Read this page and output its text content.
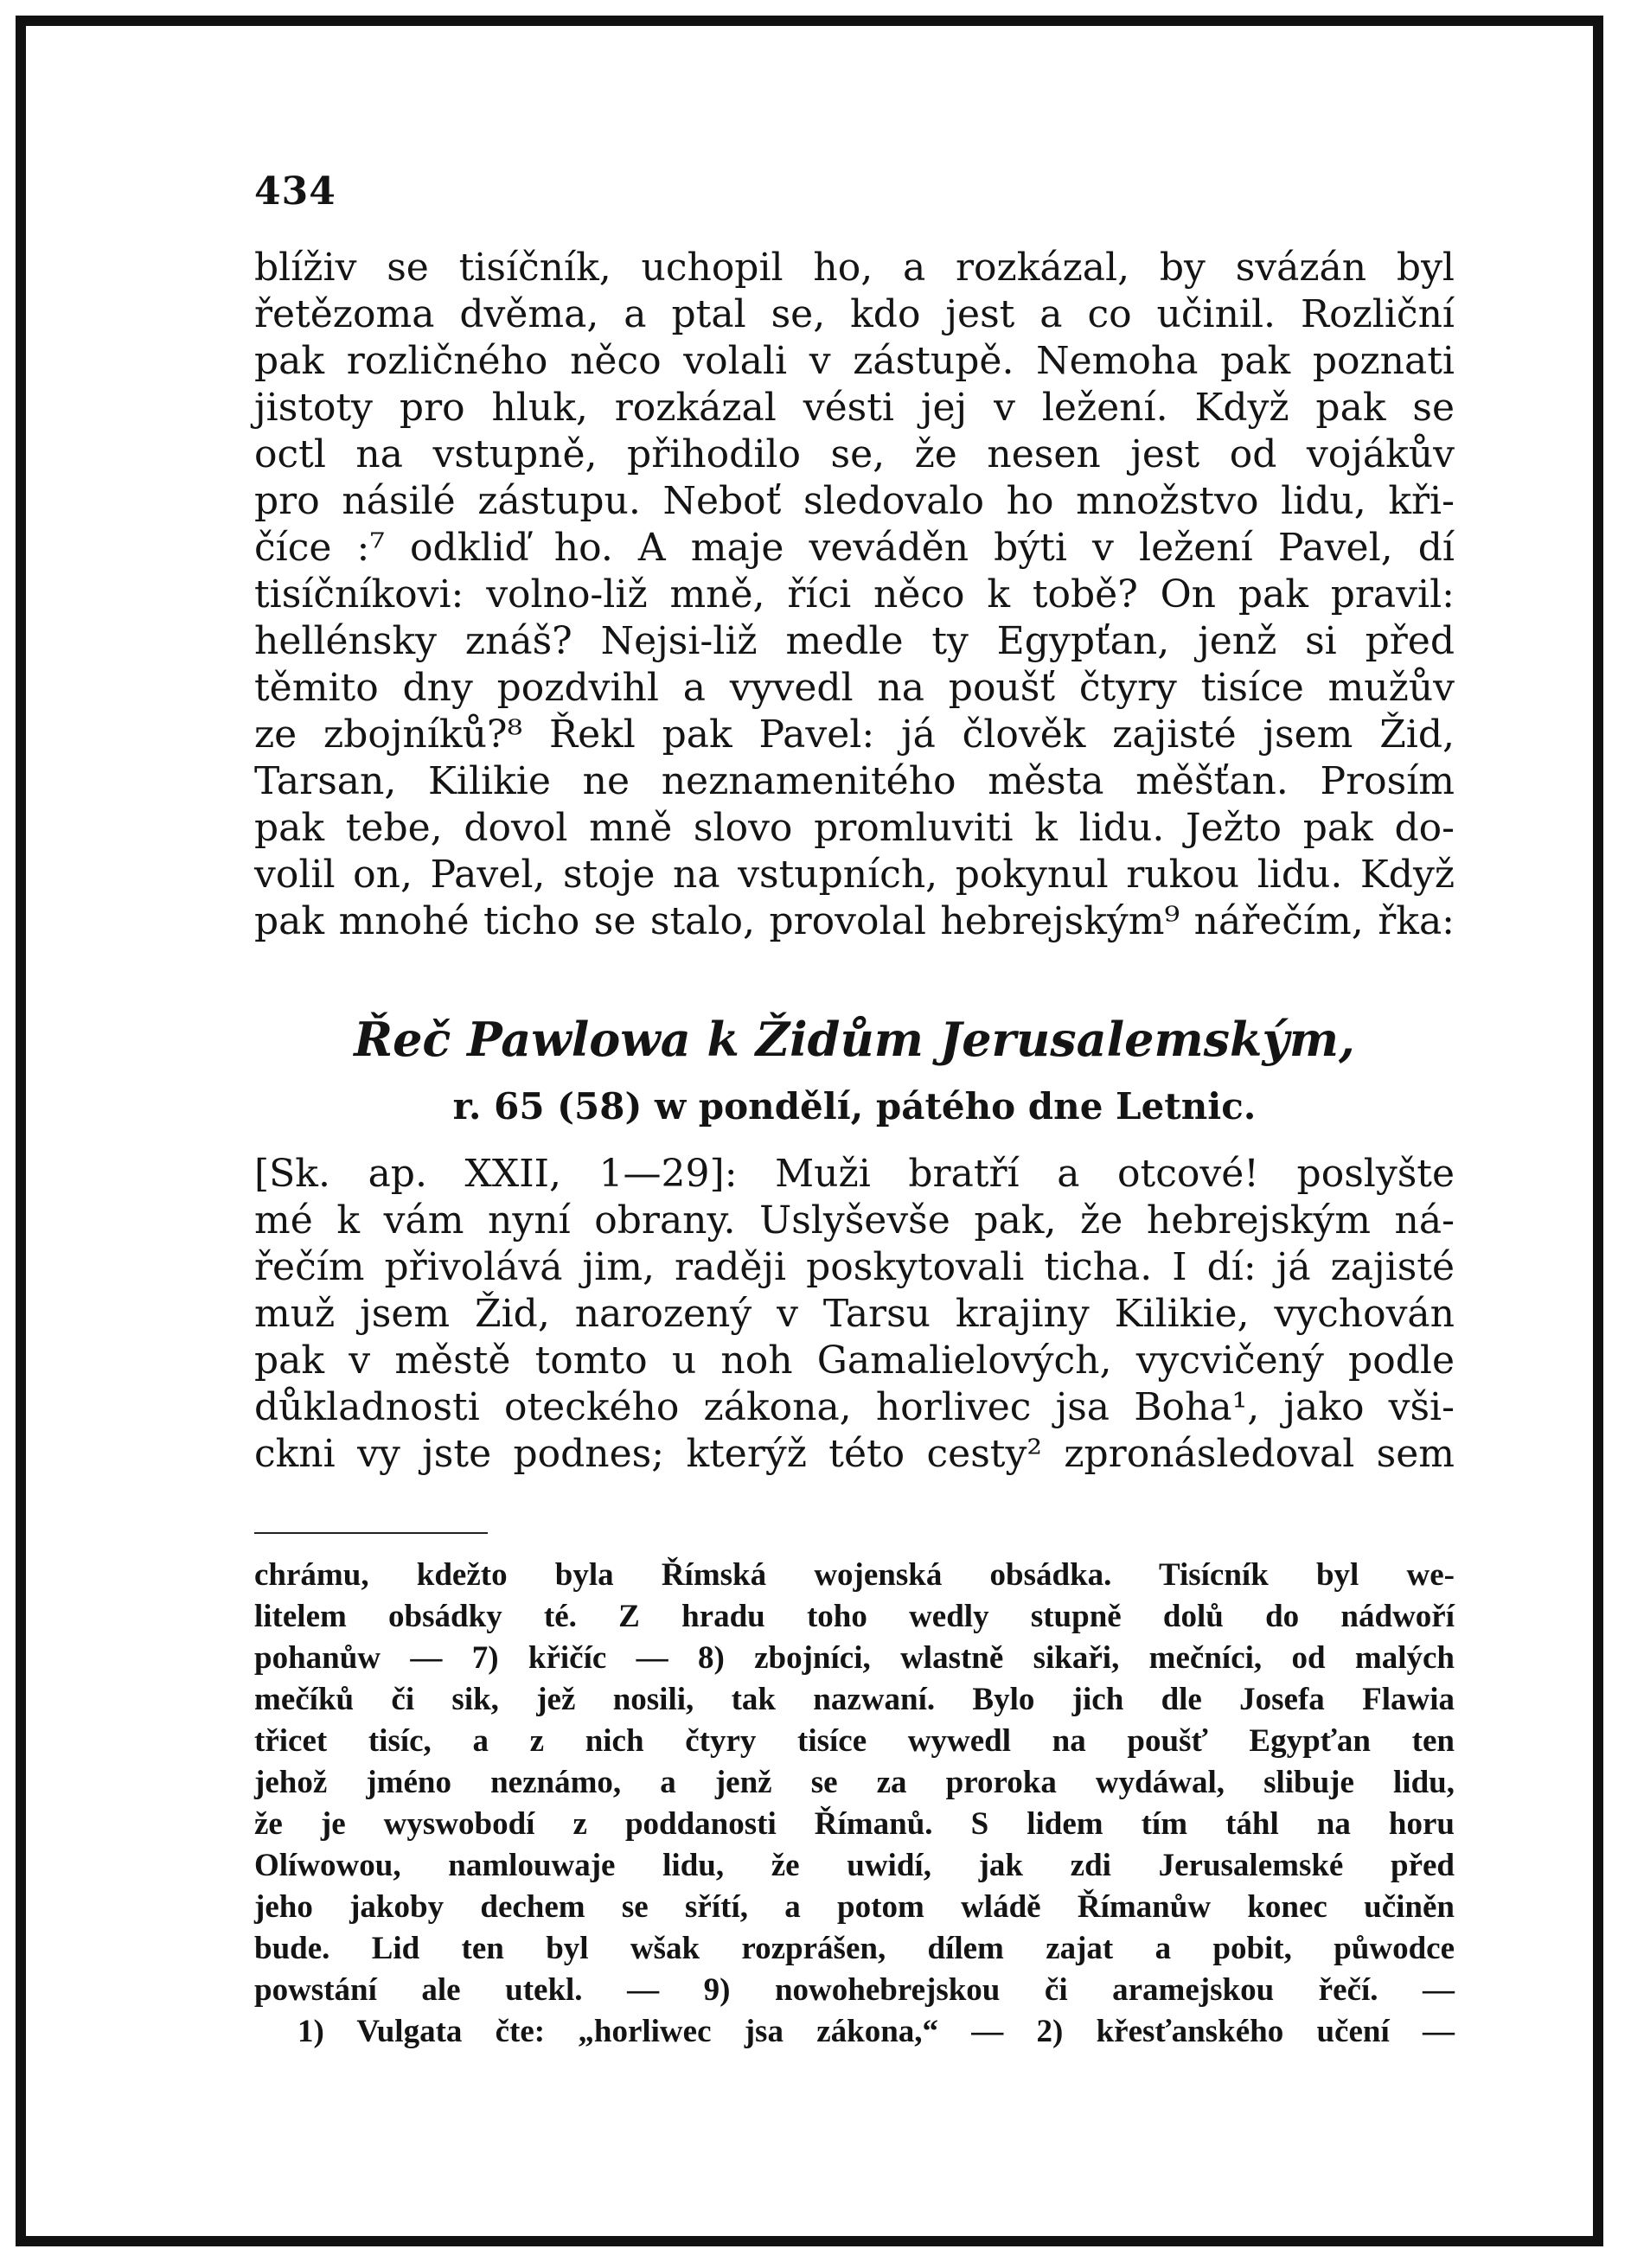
434
blíživ se tisíčník, uchopil ho, a rozkázal, by svázán byl
řetězoma dvěma, a ptal se, kdo jest a co učinil. Rozliční
pak rozličného něco volali v zástupě. Nemoha pak poznati
jistoty pro hluk, rozkázal vésti jej v ležení. Když pak se
octl na vstupně, přihodilo se, že nesen jest od vojákův
pro násilé zástupu. Neboť sledovalo ho množstvo lidu, kři-
číce :⁷ odkliď ho. A maje veváděn býti v ležení Pavel, dí
tisíčníkovi: volno-liž mně, říci něco k tobě? On pak pravil:
hellénsky znáš? Nejsi-liž medle ty Egypťan, jenž si před
těmito dny pozdvihl a vyvedl na poušť čtyry tisíce mužův
ze zbojníků?⁸ Řekl pak Pavel: já člověk zajisté jsem Žid,
Tarsan, Kilikie ne neznamenitého města měšťan. Prosím
pak tebe, dovol mně slovo promluviti k lidu. Ježto pak do-
volil on, Pavel, stoje na vstupních, pokynul rukou lidu. Když
pak mnohé ticho se stalo, provolal hebrejským⁹ nářečím, řka:
Řeč Pawlowa k Židům Jerusalemským,
r. 65 (58) w pondělí, pátého dne Letnic.
[Sk. ap. XXII, 1—29]: Muži bratří a otcové! poslyšte
mé k vám nyní obrany. Uslyševše pak, že hebrejským ná-
řečím přivolává jim, raději poskytovali ticha. I dí: já zajisté
muž jsem Žid, narozený v Tarsu krajiny Kilikie, vychován
pak v městě tomto u noh Gamalielových, vycvičený podle
důkladnosti oteckého zákona, horlivec jsa Boha¹, jako vši-
ckni vy jste podnes; kterýž této cesty² zpronásledoval sem
chrámu, kdežto byla Římská wojenská obsádka. Tisícník byl we-
litelem obsádky té. Z hradu toho wedly stupně dolů do nádwoří
pohanůw — 7) křičíc — 8) zbojníci, wlastně sikaři, mečníci, od malých
mečíků či sik, jež nosili, tak nazwaní. Bylo jich dle Josefa Flawia
třicet tisíc, a z nich čtyry tisíce wywedl na poušť Egypťan ten
jehož jméno neznámo, a jenž se za proroka wydáwal, slibuje lidu,
že je wyswobodí z poddanosti Římanů. S lidem tím táhl na horu
Olíwowou, namlouwaje lidu, že uwidí, jak zdi Jerusalemské před
jeho jakoby dechem se sřítí, a potom wládě Římanůw konec učiněn
bude. Lid ten byl wšak rozprášen, dílem zajat a pobit, půwodce
powstání ale utekl. — 9) nowohebrejskou či aramejskou řečí. —
1) Vulgata čte: „horliwec jsa zákona,“ — 2) křesťanského učení —
